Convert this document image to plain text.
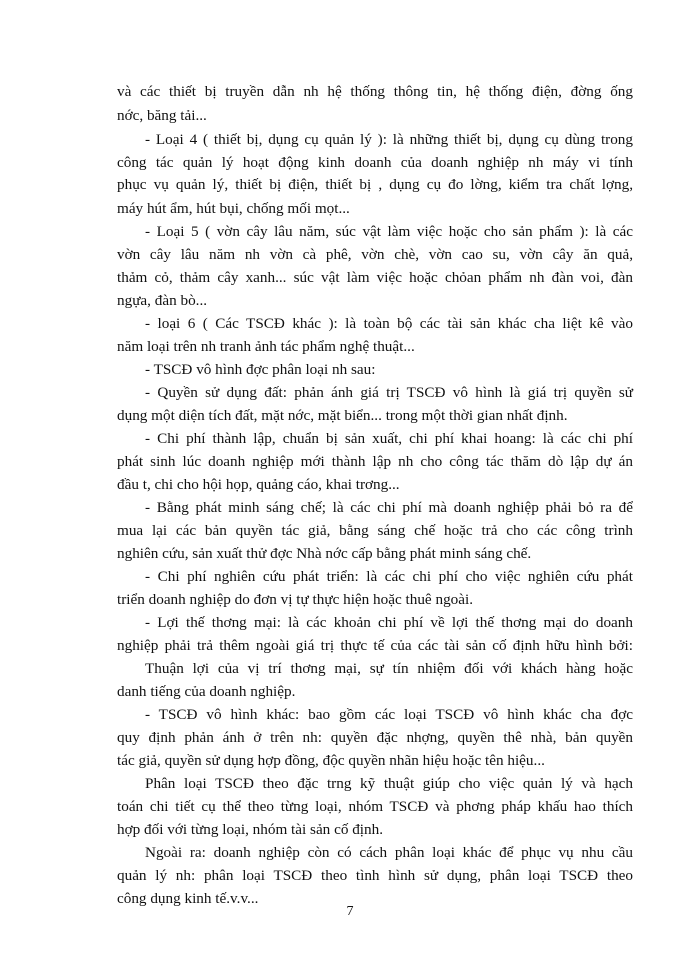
và các thiết bị truyền dẫn nh hệ thống thông tin, hệ thống điện, đờng ống
nớc, băng tải...
- Loại 4 ( thiết bị, dụng cụ quản lý ): là những thiết bị, dụng cụ dùng trong
công tác quản lý hoạt động kinh doanh của doanh nghiệp nh máy vi tính
phục vụ quản lý, thiết bị điện, thiết bị , dụng cụ đo lờng, kiểm tra chất lợng,
máy hút ẩm, hút bụi, chống mối mọt...
- Loại 5 ( vờn cây lâu năm, súc vật làm việc hoặc cho sản phẩm ): là các
vờn cây lâu năm nh vờn cà phê, vờn chè, vờn cao su, vờn cây ăn quả,
thảm cỏ, thảm cây xanh... súc vật làm việc hoặc chỏan phẩm nh đàn voi, đàn
ngựa, đàn bò...
- loại 6 ( Các TSCĐ khác ): là toàn bộ các tài sản khác cha liệt kê vào
năm loại trên nh tranh ảnh tác phẩm nghệ thuật...
- TSCĐ vô hình đợc phân loại nh sau:
- Quyền sử dụng đất: phản ánh giá trị TSCĐ vô hình là giá trị quyền sử
dụng một diện tích đất, mặt nớc, mặt biển... trong một thời gian nhất định.
- Chi phí thành lập, chuẩn bị sản xuất, chi phí khai hoang: là các chi phí
phát sinh lúc doanh nghiệp mới thành lập nh cho công tác thăm dò lập dự án
đầu t, chi cho hội họp, quảng cáo, khai trơng...
- Bằng phát minh sáng chế; là các chi phí mà doanh nghiệp phải bỏ ra để
mua lại các bản quyền tác giả, bằng sáng chế hoặc trả cho các công trình
nghiên cứu, sản xuất thử đợc Nhà nớc cấp bằng phát minh sáng chế.
- Chi phí nghiên cứu phát triển: là các chi phí cho việc nghiên cứu phát
triển doanh nghiệp do đơn vị tự thực hiện hoặc thuê ngoài.
- Lợi thế thơng mại: là các khoản chi phí về lợi thế thơng mại do doanh
nghiệp phải trả thêm ngoài giá trị thực tế của các tài sản cố định hữu hình bởi:
Thuận lợi của vị trí thơng mại, sự tín nhiệm đối với khách hàng hoặc
danh tiếng của doanh nghiệp.
- TSCĐ vô hình khác: bao gồm các loại TSCĐ vô hình khác cha đợc
quy định phản ánh ở trên nh: quyền đặc nhợng, quyền thê nhà, bản quyền
tác giả, quyền sử dụng hợp đồng, độc quyền nhãn hiệu hoặc tên hiệu...
Phân loại TSCĐ theo đặc trng kỹ thuật giúp cho việc quản lý và hạch
toán chi tiết cụ thể theo từng loại, nhóm TSCĐ và phơng pháp khấu hao thích
hợp đối với từng loại, nhóm tài sản cố định.
Ngoài ra: doanh nghiệp còn có cách phân loại khác để phục vụ nhu cầu
quản lý nh: phân loại TSCĐ theo tình hình sử dụng, phân loại TSCĐ theo
công dụng kinh tế.v.v...
7
